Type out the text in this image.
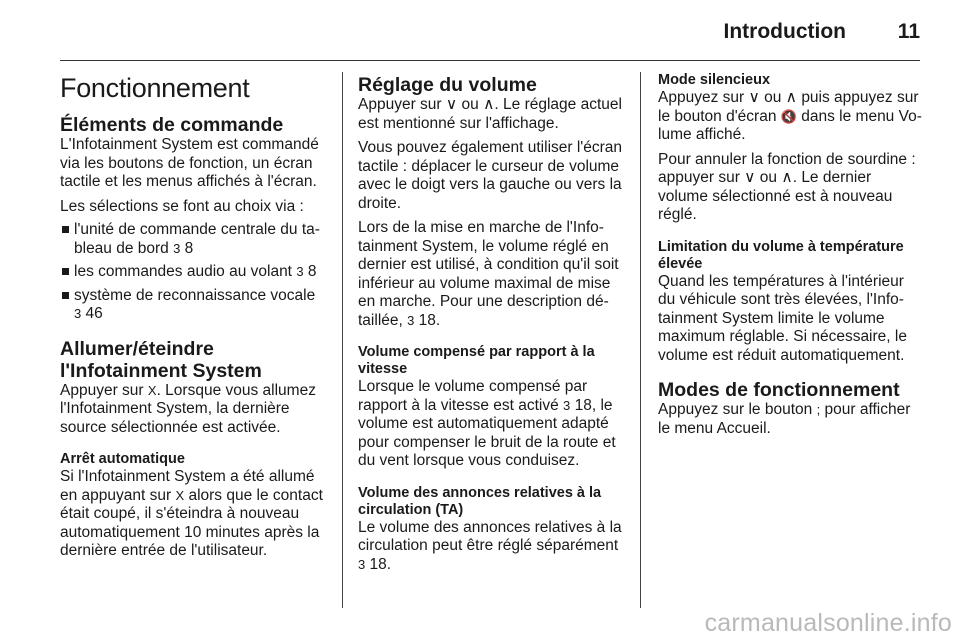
Introduction 11
Fonctionnement
Éléments de commande

L'Infotainment System est commandé via les boutons de fonction, un écran tactile et les menus affichés à l'écran.

Les sélections se font au choix via :

l'unité de commande centrale du tableau de bord 3 8
les commandes audio au volant 3 8
système de reconnaissance vocale 3 46
Allumer/éteindre l'Infotainment System

Appuyer sur X. Lorsque vous allumez l'Infotainment System, la dernière source sélectionnée est activée.

Arrêt automatique

Si l'Infotainment System a été allumé en appuyant sur X alors que le contact était coupé, il s'éteindra à nouveau automatiquement 10 minutes après la dernière entrée de l'utilisateur.

Réglage du volume

Appuyer sur ∨ ou ∧. Le réglage actuel est mentionné sur l'affichage.

Vous pouvez également utiliser l'écran tactile : déplacer le curseur de volume avec le doigt vers la gauche ou vers la droite.

Lors de la mise en marche de l'Infotainment System, le volume réglé en dernier est utilisé, à condition qu'il soit inférieur au volume maximal de mise en marche. Pour une description détaillée, 3 18.

Volume compensé par rapport à la vitesse

Lorsque le volume compensé par rapport à la vitesse est activé 3 18, le volume est automatiquement adapté pour compenser le bruit de la route et du vent lorsque vous conduisez.

Volume des annonces relatives à la circulation (TA)

Le volume des annonces relatives à la circulation peut être réglé séparément 3 18.

Mode silencieux

Appuyez sur ∨ ou ∧ puis appuyez sur le bouton d'écran 🔇 dans le menu Volume affiché.

Pour annuler la fonction de sourdine : appuyer sur ∨ ou ∧. Le dernier volume sélectionné est à nouveau réglé.

Limitation du volume à température élevée

Quand les températures à l'intérieur du véhicule sont très élevées, l'Infotainment System limite le volume maximum réglable. Si nécessaire, le volume est réduit automatiquement.

Modes de fonctionnement

Appuyez sur le bouton ; pour afficher le menu Accueil.

carmanualsonline.info
